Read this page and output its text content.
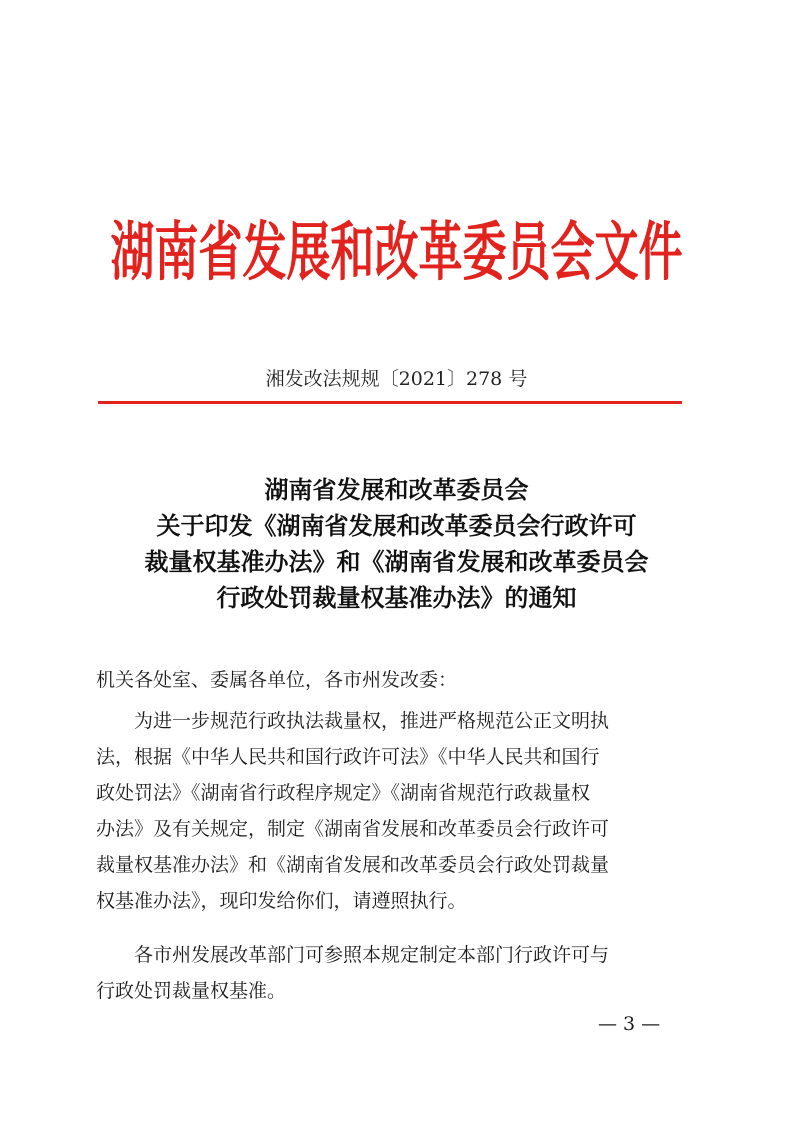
湖南省发展和改革委员会文件
湘发改法规规〔2021〕278 号
湖南省发展和改革委员会
关于印发《湖南省发展和改革委员会行政许可
裁量权基准办法》和《湖南省发展和改革委员会
行政处罚裁量权基准办法》的通知
机关各处室、委属各单位，各市州发改委：
　　为进一步规范行政执法裁量权，推进严格规范公正文明执
法，根据《中华人民共和国行政许可法》《中华人民共和国行
政处罚法》《湖南省行政程序规定》《湖南省规范行政裁量权
办法》及有关规定，制定《湖南省发展和改革委员会行政许可
裁量权基准办法》和《湖南省发展和改革委员会行政处罚裁量
权基准办法》，现印发给你们，请遵照执行。
　　各市州发展改革部门可参照本规定制定本部门行政许可与
行政处罚裁量权基准。
— 3 —
